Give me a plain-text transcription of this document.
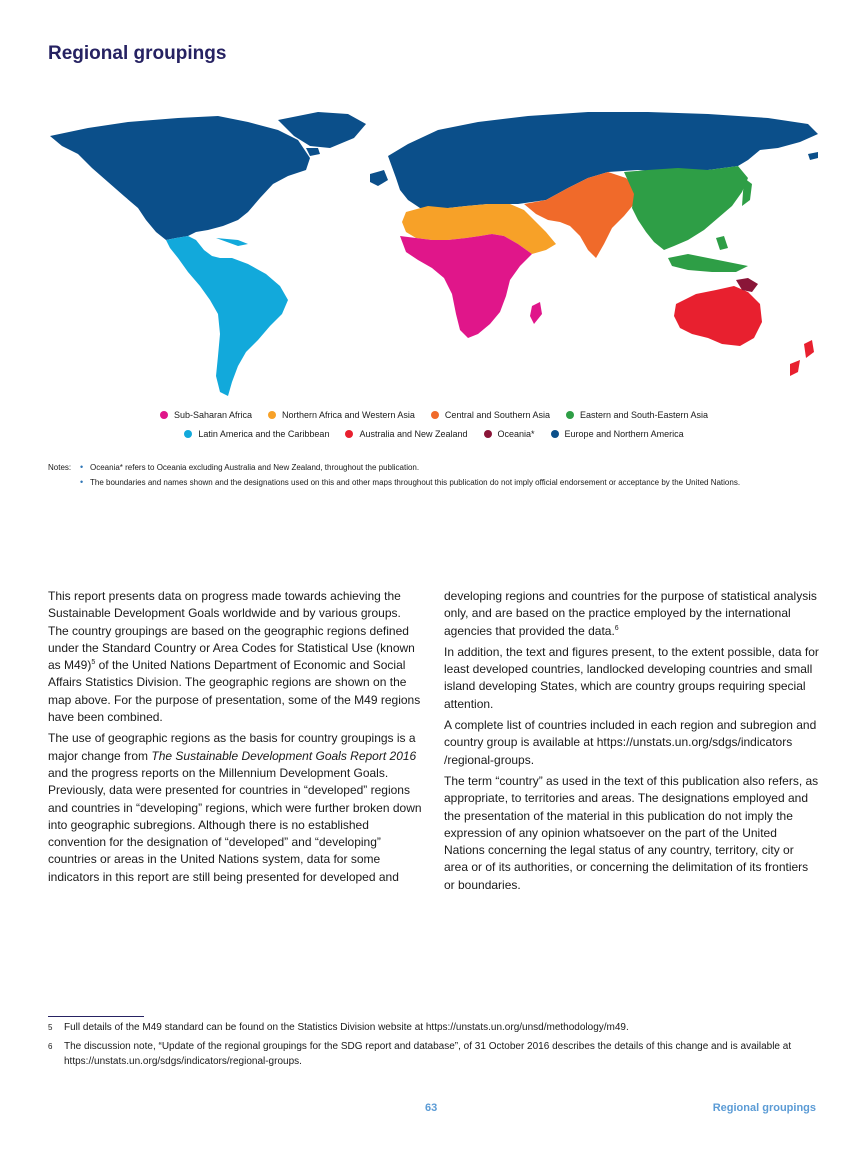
Regional groupings
Sub-Saharan Africa	Northern Africa and Western Asia	Central and Southern Asia	Eastern and South-Eastern Asia
Latin America and the Caribbean	Australia and New Zealand	Oceania*	Europe and Northern America
Notes: • Oceania* refers to Oceania excluding Australia and New Zealand, throughout the publication.
• The boundaries and names shown and the designations used on this and other maps throughout this publication do not imply official endorsement or acceptance by the United Nations.

This report presents data on progress made towards achieving the Sustainable Development Goals worldwide and by various groups. The country groupings are based on the geographic regions defined under the Standard Country or Area Codes for Statistical Use (known as M49)$^5$ of the United Nations Department of Economic and Social Affairs Statistics Division. The geographic regions are shown on the map above. For the purpose of presentation, some of the M49 regions have been combined.

The use of geographic regions as the basis for country groupings is a major change from The Sustainable Development Goals Report 2016 and the progress reports on the Millennium Development Goals. Previously, data were presented for countries in “developed” regions and countries in “developing” regions, which were further broken down into geographic subregions. Although there is no established convention for the designation of “developed” and “developing” countries or areas in the United Nations system, data for some indicators in this report are still being presented for developed and

developing regions and countries for the purpose of statistical analysis only, and are based on the practice employed by the international agencies that provided the data.$^6$

In addition, the text and figures present, to the extent possible, data for least developed countries, landlocked developing countries and small island developing States, which are country groups requiring special attention.

A complete list of countries included in each region and subregion and country group is available at https://unstats.un.org/sdgs/indicators /regional-groups.

The term “country” as used in the text of this publication also refers, as appropriate, to territories and areas. The designations employed and the presentation of the material in this publication do not imply the expression of any opinion whatsoever on the part of the United Nations concerning the legal status of any country, territory, city or area or of its authorities, or concerning the delimitation of its frontiers or boundaries.

5	Full details of the M49 standard can be found on the Statistics Division website at https://unstats.un.org/unsd/methodology/m49.
6	The discussion note, “Update of the regional groupings for the SDG report and database”, of 31 October 2016 describes the details of this change and is available at https://unstats.un.org/sdgs/indicators/regional-groups.
63	Regional groupings
